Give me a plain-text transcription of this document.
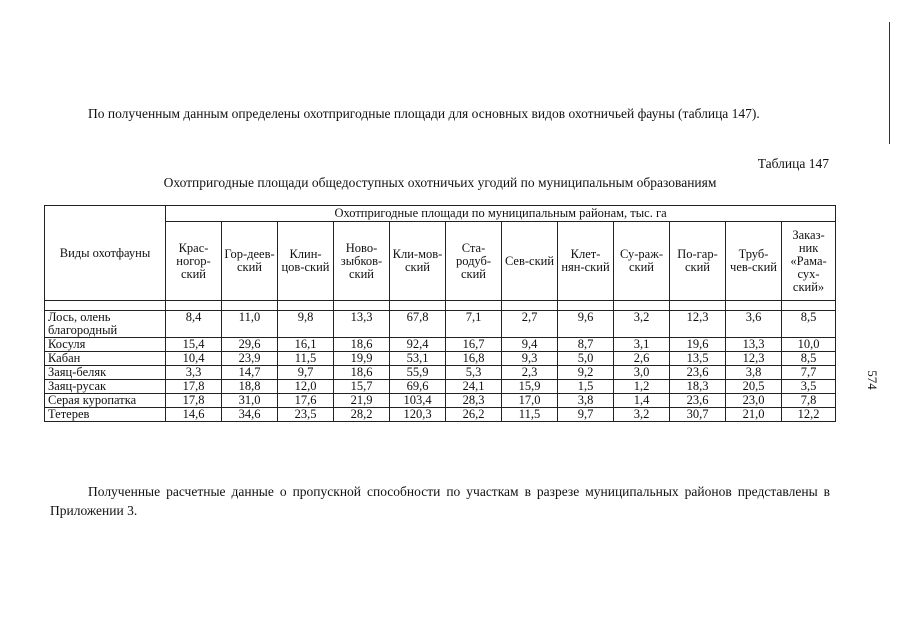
По полученным данным определены охотпригодные площади для основных видов охотничьей фауны (таблица 147).
Таблица 147
Охотпригодные площади общедоступных охотничьих угодий по муниципальным образованиям
Виды охотфауны	Охотпригодные площади по муниципальным районам, тыс. га											
	Крас-ногор-ский	Гор-деев-ский	Клин-цов-ский	Ново-зыбков-ский	Кли-мов-ский	Ста-родуб-ский	Сев-ский	Клет-нян-ский	Су-раж-ский	По-гар-ский	Труб-чев-ский	Заказ-ник «Рама-сух-ский»

Лось, олень благородный	8,4	11,0	9,8	13,3	67,8	7,1	2,7	9,6	3,2	12,3	3,6	8,5
Косуля	15,4	29,6	16,1	18,6	92,4	16,7	9,4	8,7	3,1	19,6	13,3	10,0
Кабан	10,4	23,9	11,5	19,9	53,1	16,8	9,3	5,0	2,6	13,5	12,3	8,5
Заяц-беляк	3,3	14,7	9,7	18,6	55,9	5,3	2,3	9,2	3,0	23,6	3,8	7,7
Заяц-русак	17,8	18,8	12,0	15,7	69,6	24,1	15,9	1,5	1,2	18,3	20,5	3,5
Серая куропатка	17,8	31,0	17,6	21,9	103,4	28,3	17,0	3,8	1,4	23,6	23,0	7,8
Тетерев	14,6	34,6	23,5	28,2	120,3	26,2	11,5	9,7	3,2	30,7	21,0	12,2
Полученные расчетные данные о пропускной способности по участкам в разрезе муниципальных районов представлены в Приложении 3.
574
